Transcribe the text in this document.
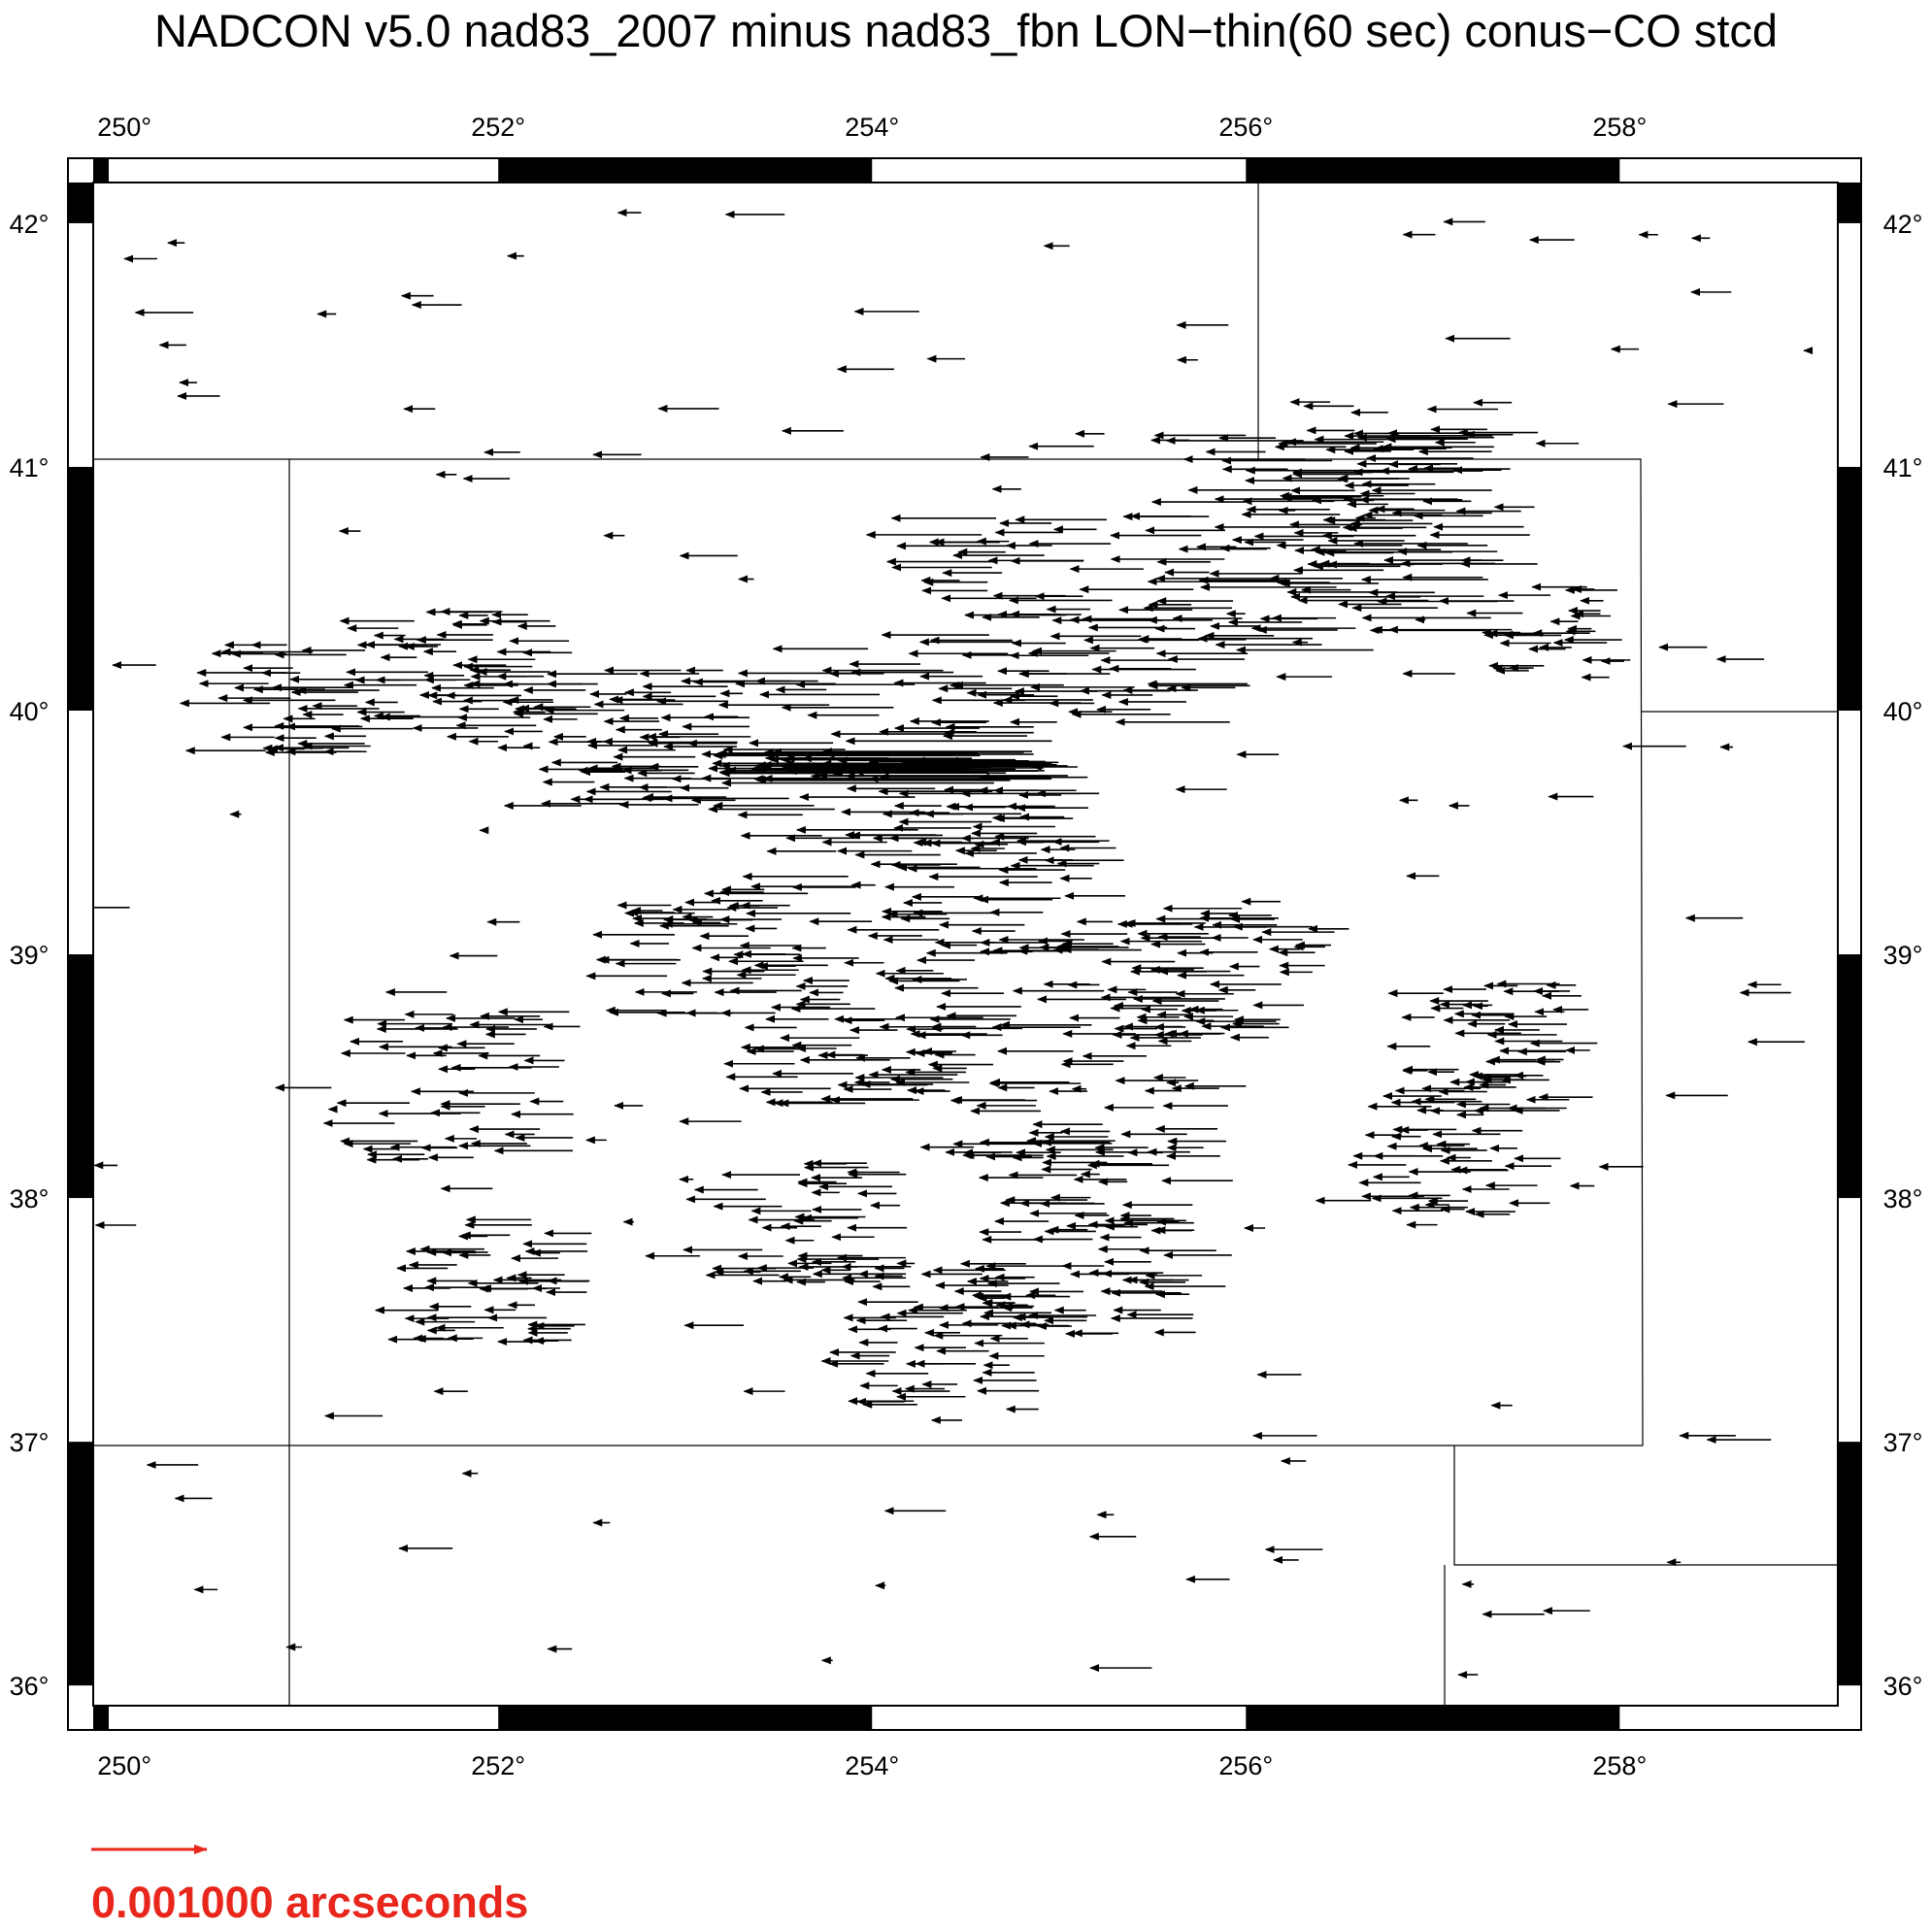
NADCON v5.0 nad83_2007 minus nad83_fbn LON−thin(60 sec) conus−CO stcd
250°	252°	254°	256°	258°
250°	252°	254°	256°	258°
36°
37°
38°
39°
40°
41°
42°
36°
37°
38°
39°
40°
41°
42°
0.001000 arcseconds
